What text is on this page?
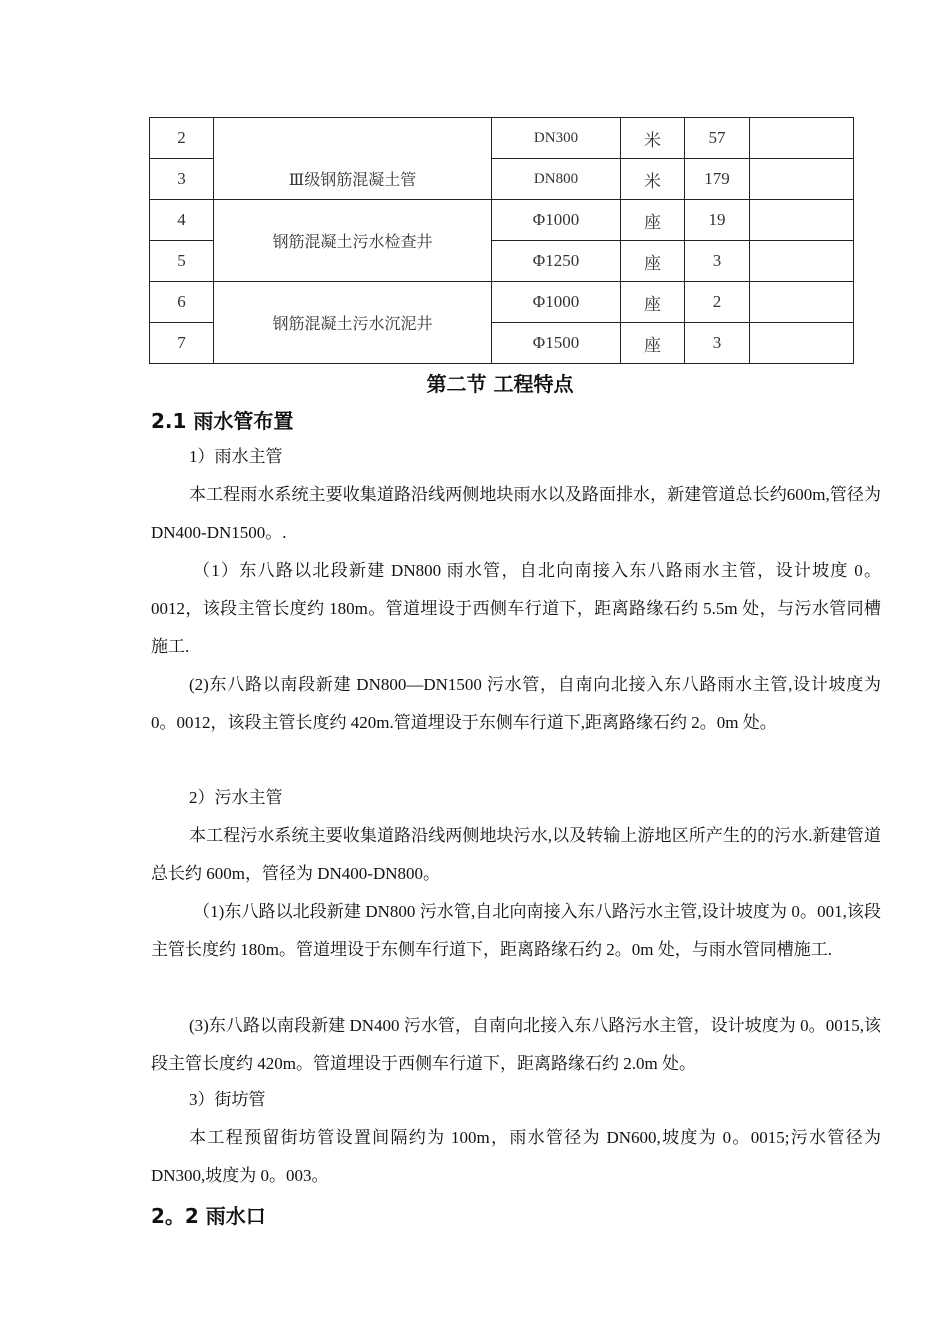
2		DN300	米	57	
3	Ⅲ级钢筋混凝土管	DN800	米	179	
4	钢筋混凝土污水检查井	Φ1000	座	19	
5		Φ1250	座	3	
6	钢筋混凝土污水沉泥井	Φ1000	座	2	
7		Φ1500	座	3	
第二节 工程特点
2.1 雨水管布置
1）雨水主管
本工程雨水系统主要收集道路沿线两侧地块雨水以及路面排水，新建管道总长约600m,管径为 DN400-DN1500。.
（1）东八路以北段新建 DN800 雨水管，自北向南接入东八路雨水主管，设计坡度 0。0012，该段主管长度约 180m。管道埋设于西侧车行道下，距离路缘石约 5.5m 处，与污水管同槽施工.
(2)东八路以南段新建 DN800—DN1500 污水管，自南向北接入东八路雨水主管,设计坡度为 0。0012，该段主管长度约 420m.管道埋设于东侧车行道下,距离路缘石约 2。0m 处。
2）污水主管
本工程污水系统主要收集道路沿线两侧地块污水,以及转输上游地区所产生的的污水.新建管道总长约 600m，管径为 DN400-DN800。
（1)东八路以北段新建 DN800 污水管,自北向南接入东八路污水主管,设计坡度为 0。001,该段主管长度约 180m。管道埋设于东侧车行道下，距离路缘石约 2。0m 处，与雨水管同槽施工.
(3)东八路以南段新建 DN400 污水管，自南向北接入东八路污水主管，设计坡度为 0。0015,该段主管长度约 420m。管道埋设于西侧车行道下，距离路缘石约 2.0m 处。
3）街坊管
本工程预留街坊管设置间隔约为 100m，雨水管径为 DN600,坡度为 0。0015;污水管径为 DN300,坡度为 0。003。
2。2 雨水口
